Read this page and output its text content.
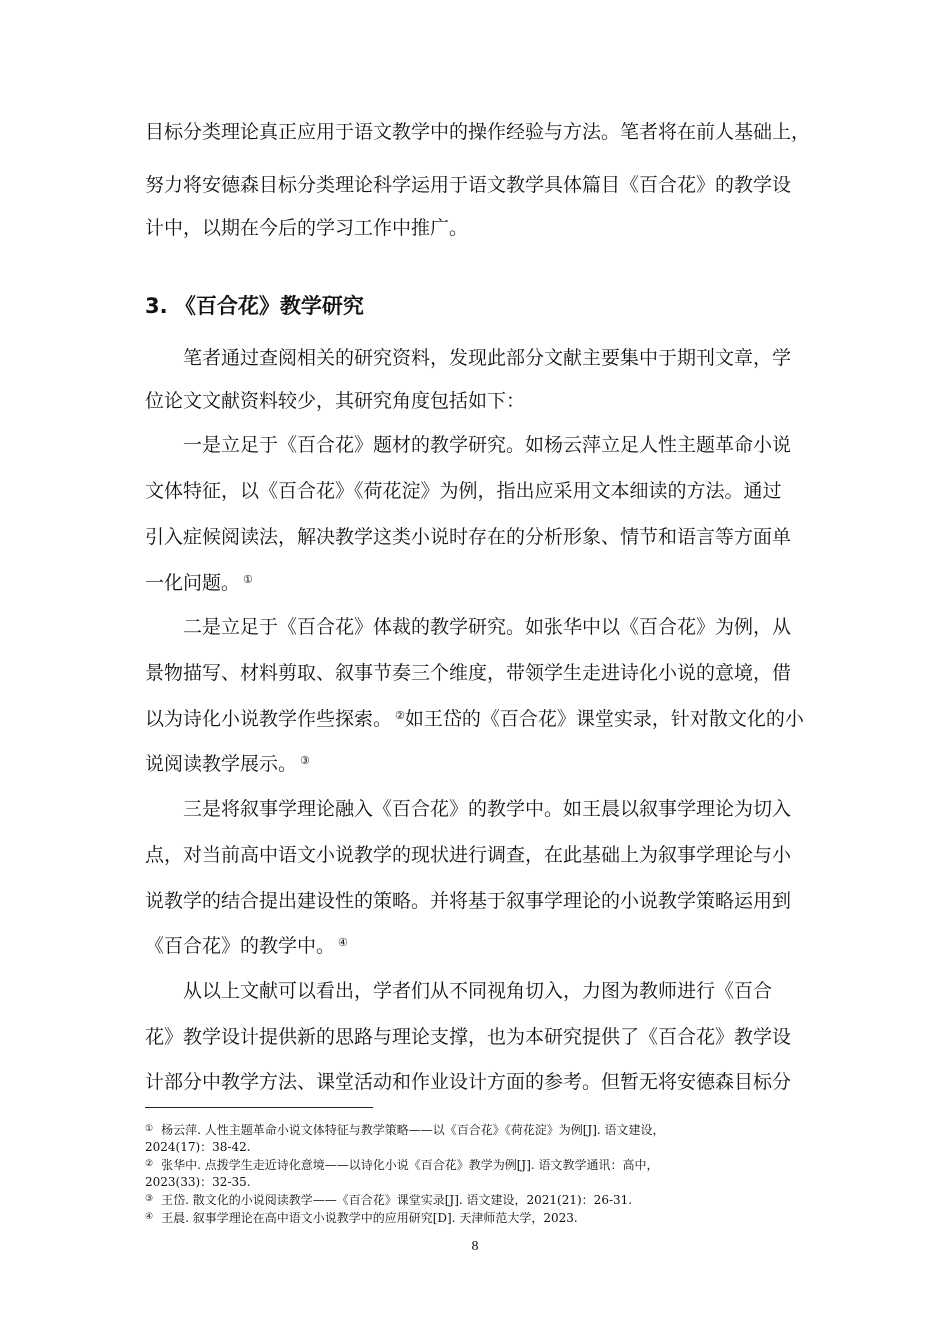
目标分类理论真正应用于语文教学中的操作经验与方法。笔者将在前人基础上，
努力将安德森目标分类理论科学运用于语文教学具体篇目《百合花》的教学设
计中，以期在今后的学习工作中推广。
3. 《百合花》教学研究
笔者通过查阅相关的研究资料，发现此部分文献主要集中于期刊文章，学
位论文文献资料较少，其研究角度包括如下：
一是立足于《百合花》题材的教学研究。如杨云萍立足人性主题革命小说
文体特征，以《百合花》《荷花淀》为例，指出应采用文本细读的方法。通过
引入症候阅读法，解决教学这类小说时存在的分析形象、情节和语言等方面单
一化问题。 ①
二是立足于《百合花》体裁的教学研究。如张华中以《百合花》为例，从
景物描写、材料剪取、叙事节奏三个维度，带领学生走进诗化小说的意境，借
以为诗化小说教学作些探索。 ②如王岱的《百合花》课堂实录，针对散文化的小
说阅读教学展示。 ③
三是将叙事学理论融入《百合花》的教学中。如王晨以叙事学理论为切入
点，对当前高中语文小说教学的现状进行调查，在此基础上为叙事学理论与小
说教学的结合提出建设性的策略。并将基于叙事学理论的小说教学策略运用到
《百合花》的教学中。 ④
从以上文献可以看出，学者们从不同视角切入，力图为教师进行《百合
花》教学设计提供新的思路与理论支撑，也为本研究提供了《百合花》教学设
计部分中教学方法、课堂活动和作业设计方面的参考。但暂无将安德森目标分
① 杨云萍. 人性主题革命小说文体特征与教学策略——以《百合花》《荷花淀》为例[J]. 语文建设，
2024(17)：38-42.
② 张华中. 点拨学生走近诗化意境——以诗化小说《百合花》教学为例[J]. 语文教学通讯：高中，
2023(33)：32-35.
③ 王岱. 散文化的小说阅读教学——《百合花》课堂实录[J]. 语文建设，2021(21)：26-31.
④ 王晨. 叙事学理论在高中语文小说教学中的应用研究[D]. 天津师范大学，2023.
8
